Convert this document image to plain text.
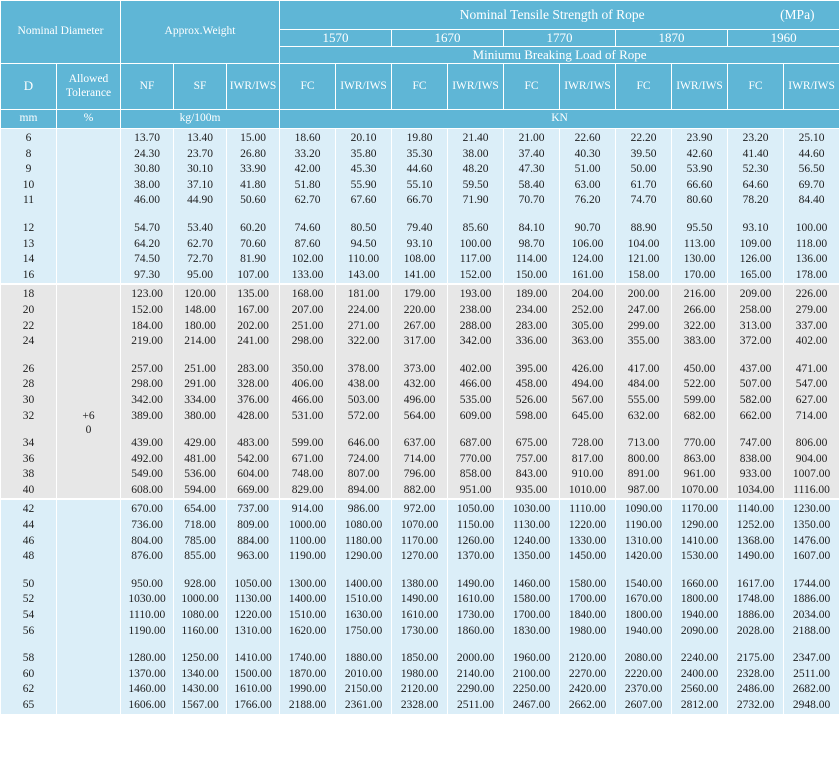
Nominal Diameter		Approx.Weight			Nominal Tensile Strength of Rope (MPa)									
					1570		1670		1770		1870		1960	
					Miniumu Breaking Load of Rope									
D	Allowed Tolerance	NF	SF	IWR/IWS	FC	IWR/IWS	FC	IWR/IWS	FC	IWR/IWS	FC	IWR/IWS	FC	IWR/IWS
mm	%	kg/100m			KN									
6		13.70	13.40	15.00	18.60	20.10	19.80	21.40	21.00	22.60	22.20	23.90	23.20	25.10
8		24.30	23.70	26.80	33.20	35.80	35.30	38.00	37.40	40.30	39.50	42.60	41.40	44.60
9		30.80	30.10	33.90	42.00	45.30	44.60	48.20	47.30	51.00	50.00	53.90	52.30	56.50
10		38.00	37.10	41.80	51.80	55.90	55.10	59.50	58.40	63.00	61.70	66.60	64.60	69.70
11		46.00	44.90	50.60	62.70	67.60	66.70	71.90	70.70	76.20	74.70	80.60	78.20	84.40

12		54.70	53.40	60.20	74.60	80.50	79.40	85.60	84.10	90.70	88.90	95.50	93.10	100.00
13		64.20	62.70	70.60	87.60	94.50	93.10	100.00	98.70	106.00	104.00	113.00	109.00	118.00
14		74.50	72.70	81.90	102.00	110.00	108.00	117.00	114.00	124.00	121.00	130.00	126.00	136.00
16		97.30	95.00	107.00	133.00	143.00	141.00	152.00	150.00	161.00	158.00	170.00	165.00	178.00

18		123.00	120.00	135.00	168.00	181.00	179.00	193.00	189.00	204.00	200.00	216.00	209.00	226.00
20		152.00	148.00	167.00	207.00	224.00	220.00	238.00	234.00	252.00	247.00	266.00	258.00	279.00
22		184.00	180.00	202.00	251.00	271.00	267.00	288.00	283.00	305.00	299.00	322.00	313.00	337.00
24		219.00	214.00	241.00	298.00	322.00	317.00	342.00	336.00	363.00	355.00	383.00	372.00	402.00

26		257.00	251.00	283.00	350.00	378.00	373.00	402.00	395.00	426.00	417.00	450.00	437.00	471.00
28		298.00	291.00	328.00	406.00	438.00	432.00	466.00	458.00	494.00	484.00	522.00	507.00	547.00
30		342.00	334.00	376.00	466.00	503.00	496.00	535.00	526.00	567.00	555.00	599.00	582.00	627.00
32	+6	389.00	380.00	428.00	531.00	572.00	564.00	609.00	598.00	645.00	632.00	682.00	662.00	714.00
	0													
34		439.00	429.00	483.00	599.00	646.00	637.00	687.00	675.00	728.00	713.00	770.00	747.00	806.00
36		492.00	481.00	542.00	671.00	724.00	714.00	770.00	757.00	817.00	800.00	863.00	838.00	904.00
38		549.00	536.00	604.00	748.00	807.00	796.00	858.00	843.00	910.00	891.00	961.00	933.00	1007.00
40		608.00	594.00	669.00	829.00	894.00	882.00	951.00	935.00	1010.00	987.00	1070.00	1034.00	1116.00

42		670.00	654.00	737.00	914.00	986.00	972.00	1050.00	1030.00	1110.00	1090.00	1170.00	1140.00	1230.00
44		736.00	718.00	809.00	1000.00	1080.00	1070.00	1150.00	1130.00	1220.00	1190.00	1290.00	1252.00	1350.00
46		804.00	785.00	884.00	1100.00	1180.00	1170.00	1260.00	1240.00	1330.00	1310.00	1410.00	1368.00	1476.00
48		876.00	855.00	963.00	1190.00	1290.00	1270.00	1370.00	1350.00	1450.00	1420.00	1530.00	1490.00	1607.00

50		950.00	928.00	1050.00	1300.00	1400.00	1380.00	1490.00	1460.00	1580.00	1540.00	1660.00	1617.00	1744.00
52		1030.00	1000.00	1130.00	1400.00	1510.00	1490.00	1610.00	1580.00	1700.00	1670.00	1800.00	1748.00	1886.00
54		1110.00	1080.00	1220.00	1510.00	1630.00	1610.00	1730.00	1700.00	1840.00	1800.00	1940.00	1886.00	2034.00
56		1190.00	1160.00	1310.00	1620.00	1750.00	1730.00	1860.00	1830.00	1980.00	1940.00	2090.00	2028.00	2188.00

58		1280.00	1250.00	1410.00	1740.00	1880.00	1850.00	2000.00	1960.00	2120.00	2080.00	2240.00	2175.00	2347.00
60		1370.00	1340.00	1500.00	1870.00	2010.00	1980.00	2140.00	2100.00	2270.00	2220.00	2400.00	2328.00	2511.00
62		1460.00	1430.00	1610.00	1990.00	2150.00	2120.00	2290.00	2250.00	2420.00	2370.00	2560.00	2486.00	2682.00
65		1606.00	1567.00	1766.00	2188.00	2361.00	2328.00	2511.00	2467.00	2662.00	2607.00	2812.00	2732.00	2948.00
